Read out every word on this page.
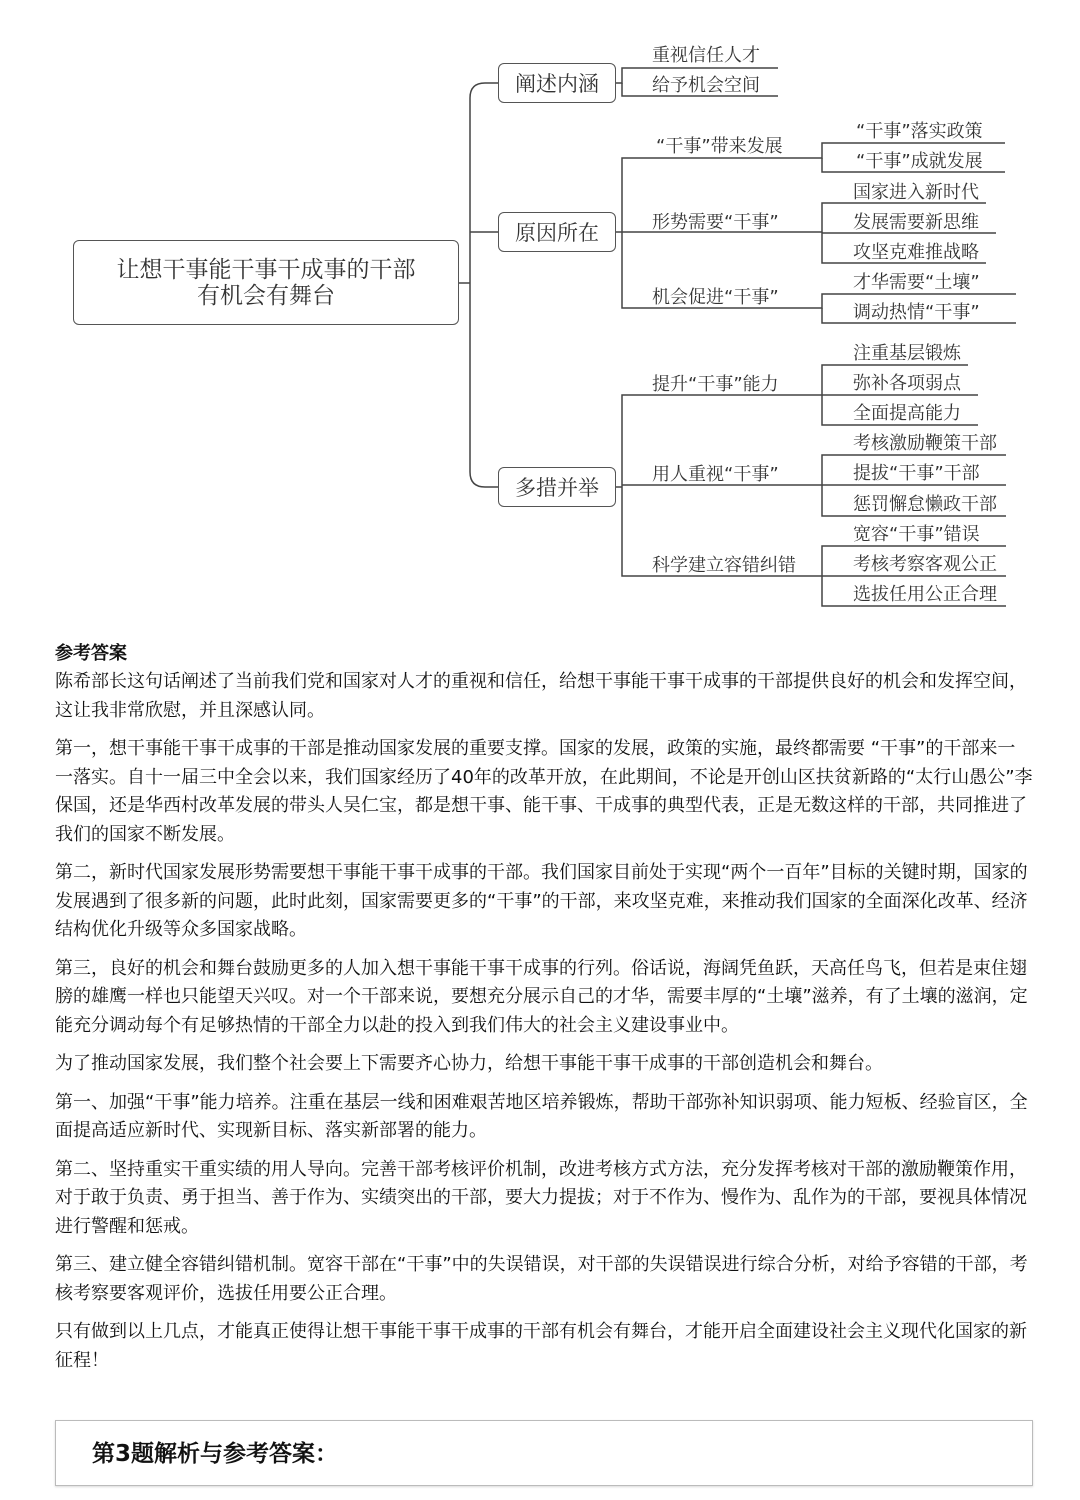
让想干事能干事干成事的干部
有机会有舞台
阐述内涵
原因所在
多措并举
重视信任人才
给予机会空间
“干事”带来发展
形势需要“干事”
机会促进“干事”
“干事”落实政策
“干事”成就发展
国家进入新时代
发展需要新思维
攻坚克难推战略
才华需要“土壤”
调动热情“干事”
提升“干事”能力
用人重视“干事”
科学建立容错纠错
注重基层锻炼
弥补各项弱点
全面提高能力
考核激励鞭策干部
提拔“干事”干部
惩罚懈怠懒政干部
宽容“干事”错误
考核考察客观公正
选拔任用公正合理
参考答案

陈希部长这句话阐述了当前我们党和国家对人才的重视和信任，给想干事能干事干成事的干部提供良好的机会和发挥空间，这让我非常欣慰，并且深感认同。

第一，想干事能干事干成事的干部是推动国家发展的重要支撑。国家的发展，政策的实施，最终都需要 “干事”的干部来一一落实。自十一届三中全会以来，我们国家经历了40年的改革开放，在此期间，不论是开创山区扶贫新路的“太行山愚公”李保国，还是华西村改革发展的带头人吴仁宝，都是想干事、能干事、干成事的典型代表，正是无数这样的干部，共同推进了我们的国家不断发展。

第二，新时代国家发展形势需要想干事能干事干成事的干部。我们国家目前处于实现“两个一百年”目标的关键时期，国家的发展遇到了很多新的问题，此时此刻，国家需要更多的“干事”的干部，来攻坚克难，来推动我们国家的全面深化改革、经济结构优化升级等众多国家战略。

第三，良好的机会和舞台鼓励更多的人加入想干事能干事干成事的行列。俗话说，海阔凭鱼跃，天高任鸟飞，但若是束住翅膀的雄鹰一样也只能望天兴叹。对一个干部来说，要想充分展示自己的才华，需要丰厚的“土壤”滋养，有了土壤的滋润，定能充分调动每个有足够热情的干部全力以赴的投入到我们伟大的社会主义建设事业中。

为了推动国家发展，我们整个社会要上下需要齐心协力，给想干事能干事干成事的干部创造机会和舞台。

第一、加强“干事”能力培养。注重在基层一线和困难艰苦地区培养锻炼，帮助干部弥补知识弱项、能力短板、经验盲区，全面提高适应新时代、实现新目标、落实新部署的能力。

第二、坚持重实干重实绩的用人导向。完善干部考核评价机制，改进考核方式方法，充分发挥考核对干部的激励鞭策作用，对于敢于负责、勇于担当、善于作为、实绩突出的干部，要大力提拔；对于不作为、慢作为、乱作为的干部，要视具体情况进行警醒和惩戒。

第三、建立健全容错纠错机制。宽容干部在“干事”中的失误错误，对干部的失误错误进行综合分析，对给予容错的干部，考核考察要客观评价，选拔任用要公正合理。

只有做到以上几点，才能真正使得让想干事能干事干成事的干部有机会有舞台，才能开启全面建设社会主义现代化国家的新征程！

第3题解析与参考答案：
